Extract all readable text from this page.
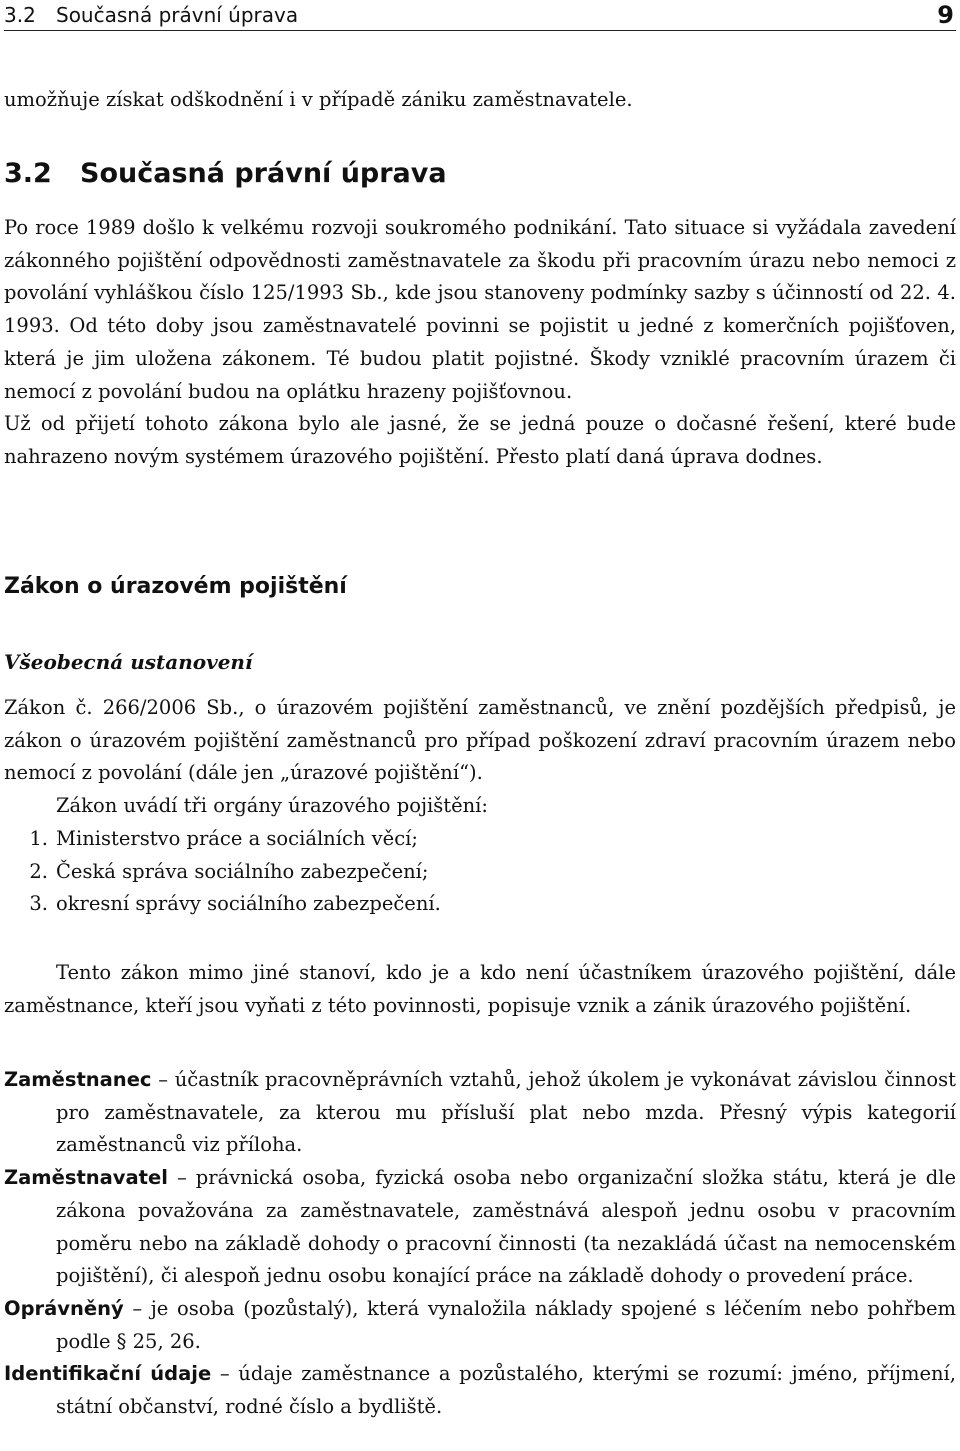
3.2 Současná právní úprava	9

umožňuje získat odškodnění i v případě zániku zaměstnavatele.

3.2 Současná právní úprava

Po roce 1989 došlo k velkému rozvoji soukromého podnikání. Tato situace si vyžádala zavedení zákonného pojištění odpovědnosti zaměstnavatele za škodu při pracovním úrazu nebo nemoci z povolání vyhláškou číslo 125/1993 Sb., kde jsou stanoveny podmínky sazby s účinností od 22. 4. 1993. Od této doby jsou zaměstnavatelé povinni se pojistit u jedné z komerčních pojišťoven, která je jim uložena zákonem. Té budou platit pojistné. Škody vzniklé pracovním úrazem či nemocí z povolání budou na oplátku hrazeny pojišťovnou.

Už od přijetí tohoto zákona bylo ale jasné, že se jedná pouze o dočasné řešení, které bude nahrazeno novým systémem úrazového pojištění. Přesto platí daná úprava dodnes.

Zákon o úrazovém pojištění
Všeobecná ustanovení

Zákon č. 266/2006 Sb., o úrazovém pojištění zaměstnanců, ve znění pozdějších předpisů, je zákon o úrazovém pojištění zaměstnanců pro případ poškození zdraví pracovním úrazem nebo nemocí z povolání (dále jen „úrazové pojištění“).

Zákon uvádí tři orgány úrazového pojištění:

1. Ministerstvo práce a sociálních věcí;
2. Česká správa sociálního zabezpečení;
3. okresní správy sociálního zabezpečení.

Tento zákon mimo jiné stanoví, kdo je a kdo není účastníkem úrazového pojištění, dále zaměstnance, kteří jsou vyňati z této povinnosti, popisuje vznik a zánik úrazového pojištění.

Zaměstnanec – účastník pracovněprávních vztahů, jehož úkolem je vykonávat závislou činnost pro zaměstnavatele, za kterou mu přísluší plat nebo mzda. Přesný výpis kategorií zaměstnanců viz příloha.
Zaměstnavatel – právnická osoba, fyzická osoba nebo organizační složka státu, která je dle zákona považována za zaměstnavatele, zaměstnává alespoň jednu osobu v pracovním poměru nebo na základě dohody o pracovní činnosti (ta nezakládá účast na nemocenském pojištění), či alespoň jednu osobu konající práce na základě dohody o provedení práce.
Oprávněný – je osoba (pozůstalý), která vynaložila náklady spojené s léčením nebo pohřbem podle § 25, 26.
Identifikační údaje – údaje zaměstnance a pozůstalého, kterými se rozumí: jméno, příjmení, státní občanství, rodné číslo a bydliště.
